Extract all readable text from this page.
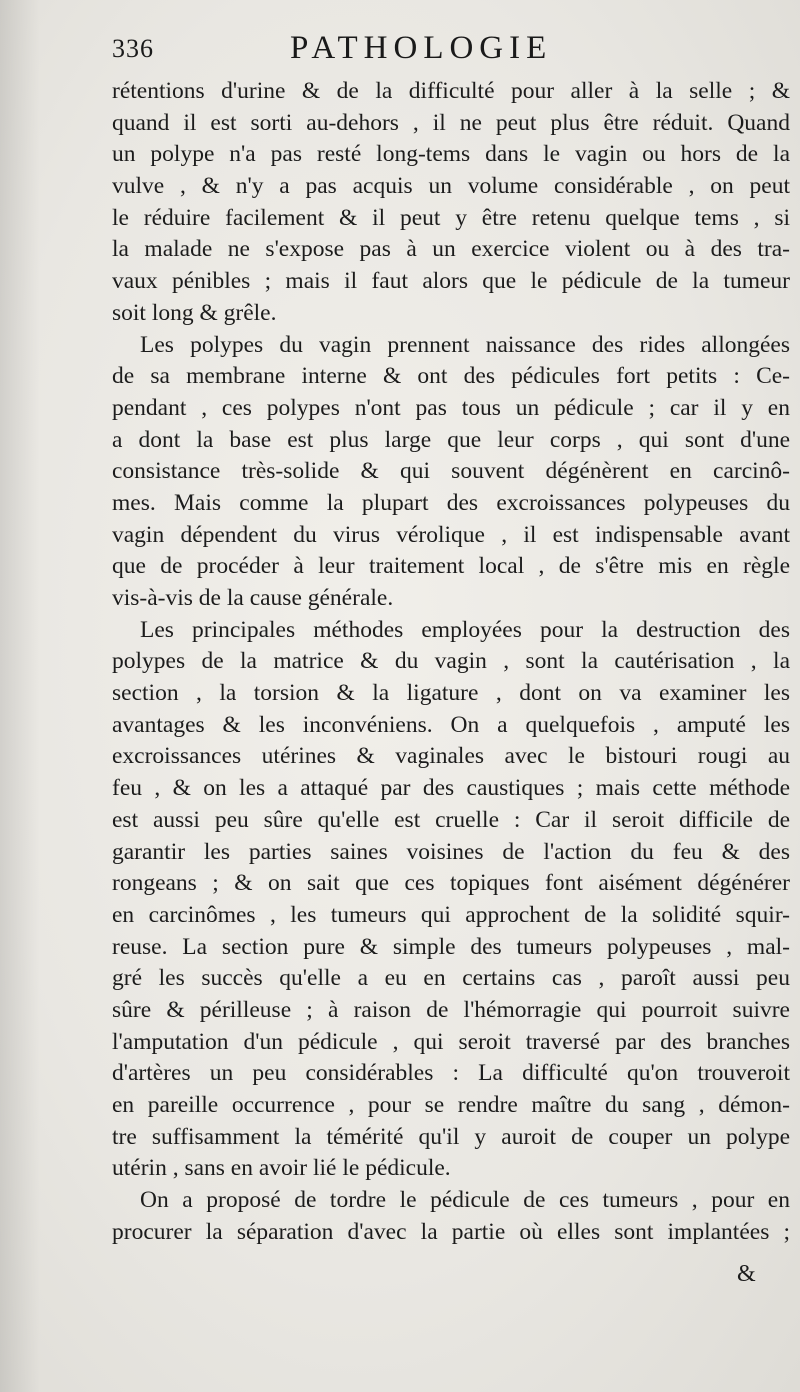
336	PATHOLOGIE
rétentions d'urine & de la difficulté pour aller à la selle ; &
quand il est sorti au-dehors , il ne peut plus être réduit. Quand
un polype n'a pas resté long-tems dans le vagin ou hors de la
vulve , & n'y a pas acquis un volume considérable , on peut
le réduire facilement & il peut y être retenu quelque tems , si
la malade ne s'expose pas à un exercice violent ou à des tra-
vaux pénibles ; mais il faut alors que le pédicule de la tumeur
soit long & grêle.
Les polypes du vagin prennent naissance des rides allongées
de sa membrane interne & ont des pédicules fort petits : Ce-
pendant , ces polypes n'ont pas tous un pédicule ; car il y en
a dont la base est plus large que leur corps , qui sont d'une
consistance très-solide & qui souvent dégénèrent en carcinô-
mes. Mais comme la plupart des excroissances polypeuses du
vagin dépendent du virus vérolique , il est indispensable avant
que de procéder à leur traitement local , de s'être mis en règle
vis-à-vis de la cause générale.
Les principales méthodes employées pour la destruction des
polypes de la matrice & du vagin , sont la cautérisation , la
section , la torsion & la ligature , dont on va examiner les
avantages & les inconvéniens. On a quelquefois , amputé les
excroissances utérines & vaginales avec le bistouri rougi au
feu , & on les a attaqué par des caustiques ; mais cette méthode
est aussi peu sûre qu'elle est cruelle : Car il seroit difficile de
garantir les parties saines voisines de l'action du feu & des
rongeans ; & on sait que ces topiques font aisément dégénérer
en carcinômes , les tumeurs qui approchent de la solidité squir-
reuse. La section pure & simple des tumeurs polypeuses , mal-
gré les succès qu'elle a eu en certains cas , paroît aussi peu
sûre & périlleuse ; à raison de l'hémorragie qui pourroit suivre
l'amputation d'un pédicule , qui seroit traversé par des branches
d'artères un peu considérables : La difficulté qu'on trouveroit
en pareille occurrence , pour se rendre maître du sang , démon-
tre suffisamment la témérité qu'il y auroit de couper un polype
utérin , sans en avoir lié le pédicule.
On a proposé de tordre le pédicule de ces tumeurs , pour en
procurer la séparation d'avec la partie où elles sont implantées ;
&
